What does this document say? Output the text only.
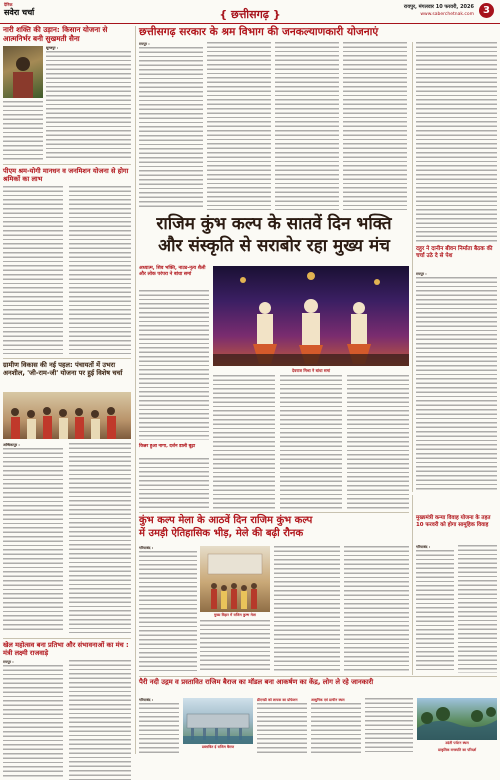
दैनिक
सवेरा चर्चा	{ छत्तीसगढ़ }
रायपुर, मंगलवार 10 फरवरी, 2026
www.saberchetnak.com 3
नारी शक्ति की उड़ान: किसान योजना से आत्मनिर्भर बनी सुखमती सैना
सूरजपुर :
पीएम श्रम-योगी मानधन व जनमिशन योजना से होगा श्रमिकों का लाभ
ग्रामीण विकास की नई पहल: पंचायतों में उभरा अनशील, 'जी-राम-जी' योजना पर हुई विशेष चर्चा
अम्बिकापुर :
खेल महोत्सव बना प्रतिभा और संभावनाओं का मंच : मंत्री लक्ष्मी राजवाड़े
रायपुर :
छत्तीसगढ़ सरकार के श्रम विभाग की जनकल्याणकारी योजनाएं
रायपुर :
दहुर ने दानीन बीवन निर्माता बैठक की चर्चा उठे दे से पेश
रायपुर :
राजिम कुंभ कल्प के सातवें दिन भक्ति
और संस्कृति से सराबोर रहा मुख्य मंच
अध्यात्म, शिव भक्ति, नाट्य-नृत्य शैली और लोक परंपरा ने बांधा समां
किन्नर हुआ नागा, दर्शन डाली बूढ़ा
देवराज मिश्रा ने बांधा समां
कुंभ कल्प मेला के आठवें दिन राजिम कुंभ कल्प
में उमड़ी ऐतिहासिक भीड़, मेले की बढ़ी रौनक
गरियाबंद :
मुख्य विहार में राजिम कुम्भ मेला
मुख्यमंत्री कन्या विवाह योजना के तहत 10 फरवरी को होगा सामूहिक विवाह
गरियाबंद :
पैरी नदी उद्गम व प्रस्तावित राजिम बैराज का मॉडल बना आकर्षण का केंद्र, लोग ले रहे जानकारी
गरियाबंद :
प्रस्तावित ई राजिम बैराज
डीएनडी को लायक का प्रोफेशन	आधुनिक एवं प्राचीन स्थल
उदंती पर्यटन स्थल
प्राकृतिक वनस्पति का परिदर्श
